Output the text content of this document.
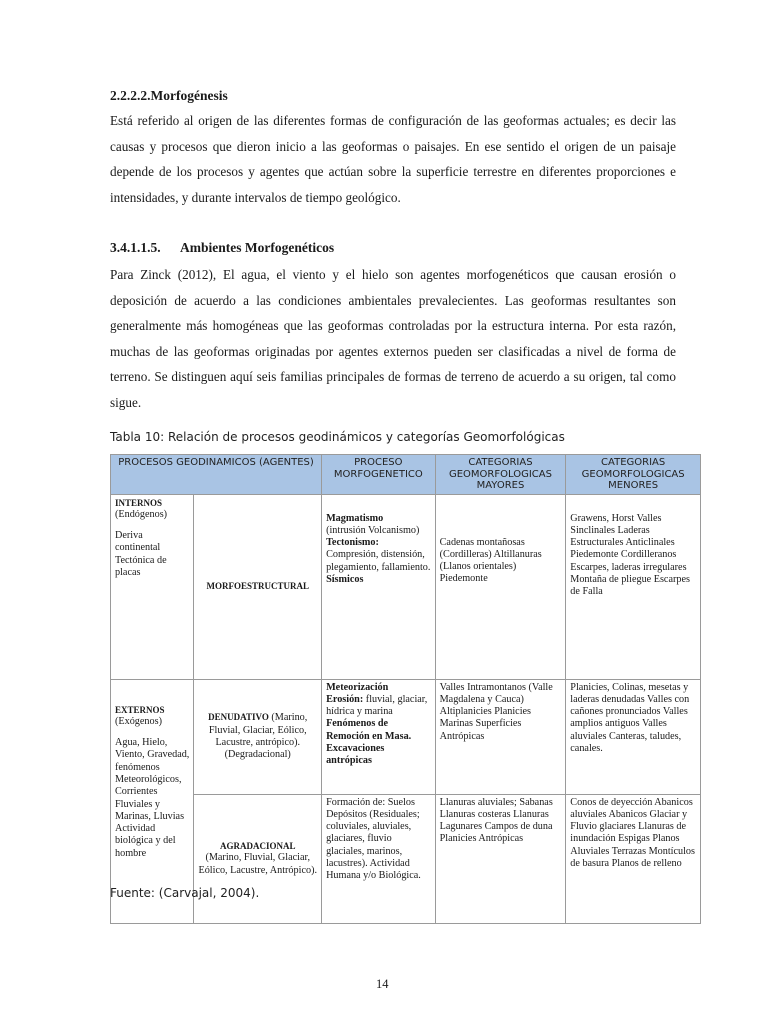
2.2.2.2.Morfogénesis

Está referido al origen de las diferentes formas de configuración de las geoformas actuales; es decir las causas y procesos que dieron inicio a las geoformas o paisajes. En ese sentido el origen de un paisaje depende de los procesos y agentes que actúan sobre la superficie terrestre en diferentes proporciones e intensidades, y durante intervalos de tiempo geológico.

3.4.1.1.5. Ambientes Morfogenéticos

Para Zinck (2012), El agua, el viento y el hielo son agentes morfogenéticos que causan erosión o deposición de acuerdo a las condiciones ambientales prevalecientes. Las geoformas resultantes son generalmente más homogéneas que las geoformas controladas por la estructura interna. Por esta razón, muchas de las geoformas originadas por agentes externos pueden ser clasificadas a nivel de forma de terreno. Se distinguen aquí seis familias principales de formas de terreno de acuerdo a su origen, tal como sigue.

Tabla 10: Relación de procesos geodinámicos y categorías Geomorfológicas
PROCESOS GEODINAMICOS (AGENTES)		PROCESO MORFOGENETICO	CATEGORIAS GEOMORFOLOGICAS MAYORES	CATEGORIAS GEOMORFOLOGICAS MENORES

INTERNOS
(Endógenos)
Deriva continental Tectónica de placas	MORFOESTRUCTURAL	Magmatismo
(intrusión Volcanismo)
Tectonismo:
Compresión, distensión, plegamiento, fallamiento.
Sísmicos	Cadenas montañosas (Cordilleras) Altillanuras (Llanos orientales) Piedemonte	Grawens, Horst Valles Sinclinales Laderas Estructurales Anticlinales Piedemonte Cordilleranos Escarpes, laderas irregulares Montaña de pliegue Escarpes de Falla

EXTERNOS
(Exógenos)
Agua, Hielo, Viento, Gravedad, fenómenos Meteorológicos, Corrientes Fluviales y Marinas, Lluvias Actividad biológica y del hombre	DENUDATIVO (Marino, Fluvial, Glaciar, Eólico, Lacustre, antrópico). (Degradacional)	Meteorización
Erosión: fluvial, glaciar, hídrica y marina
Fenómenos de Remoción en Masa.
Excavaciones antrópicas	Valles Intramontanos (Valle Magdalena y Cauca) Altiplanicies Planicies Marinas Superficies Antrópicas	Planicies, Colinas, mesetas y laderas denudadas Valles con cañones pronunciados Valles amplios antiguos Valles aluviales Canteras, taludes, canales.

	AGRADACIONAL
(Marino, Fluvial, Glaciar, Eólico, Lacustre, Antrópico).	Formación de: Suelos Depósitos (Residuales; coluviales, aluviales, glaciares, fluvio glaciales, marinos, lacustres). Actividad Humana y/o Biológica.	Llanuras aluviales; Sabanas Llanuras costeras Llanuras Lagunares Campos de duna Planicies Antrópicas	Conos de deyección Abanicos aluviales Abanicos Glaciar y Fluvio glaciares Llanuras de inundación Espigas Planos Aluviales Terrazas Montículos de basura Planos de relleno
Fuente: (Carvajal, 2004).
14
